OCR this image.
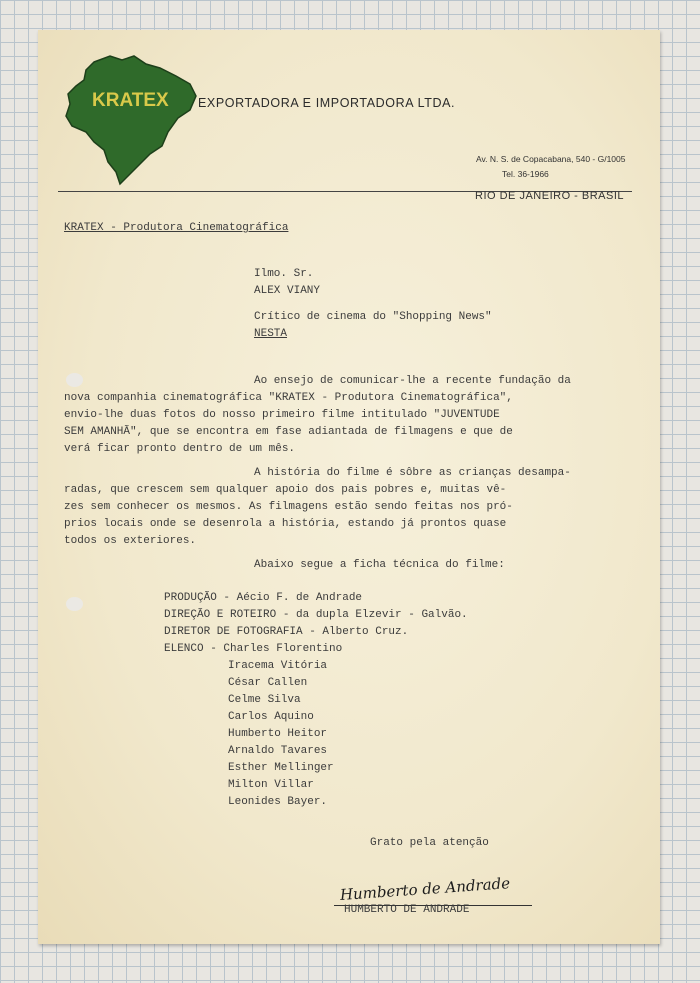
KRATEX EXPORTADORA E IMPORTADORA LTDA.
Av. N. S. de Copacabana, 540 - G/1005
Tel. 36-1966
RIO DE JANEIRO - BRASIL
KRATEX - Produtora Cinematográfica
Ilmo. Sr.
ALEX VIANY
Crítico de cinema do "Shopping News"
NESTA
Ao ensejo de comunicar-lhe a recente fundação da
nova companhia cinematográfica "KRATEX - Produtora Cinematográfica",
envio-lhe duas fotos do nosso primeiro filme intitulado "JUVENTUDE
SEM AMANHÃ", que se encontra em fase adiantada de filmagens e que de
verá ficar pronto dentro de um mês.
A história do filme é sôbre as crianças desampa-
radas, que crescem sem qualquer apoio dos pais pobres e, muitas vê-
zes sem conhecer os mesmos. As filmagens estão sendo feitas nos pró-
prios locais onde se desenrola a história, estando já prontos quase
todos os exteriores.
Abaixo segue a ficha técnica do filme:
PRODUÇÃO - Aécio F. de Andrade
DIREÇÃO E ROTEIRO - da dupla Elzevir - Galvão.
DIRETOR DE FOTOGRAFIA - Alberto Cruz.
ELENCO - Charles Florentino
Iracema Vitória
César Callen
Celme Silva
Carlos Aquino
Humberto Heitor
Arnaldo Tavares
Esther Mellinger
Milton Villar
Leonides Bayer.
Grato pela atenção
Humberto de Andrade
HUMBERTO DE ANDRADE
